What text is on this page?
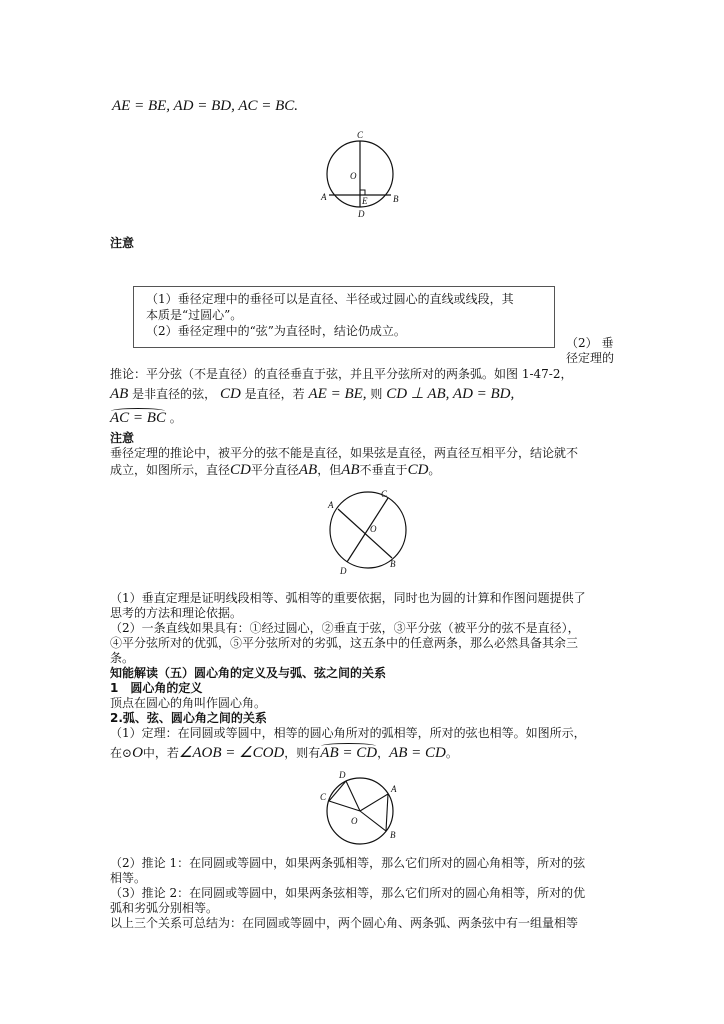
AE = BE, AD = BD, AC = BC.
C
O
A	E	B
D
注意
（1）垂径定理中的垂径可以是直径、半径或过圆心的直线或线段，其
本质是“过圆心”。
（2）垂径定理中的“弦”为直径时，结论仍成立。
（2） 垂
径定理的
推论：平分弦（不是直径）的直径垂直于弦，并且平分弦所对的两条弧。如图 1-47-2，
AB 是非直径的弦， CD 是直径，若 AE = BE, 则 CD ⊥ AB, AD = BD,
AC = BC 。
注意
垂径定理的推论中，被平分的弦不能是直径，如果弦是直径，两直径互相平分，结论就不
成立，如图所示，直径CD平分直径AB，但AB不垂直于CD。
A
C
O
B
D
（1）垂直定理是证明线段相等、弧相等的重要依据，同时也为圆的计算和作图问题提供了
思考的方法和理论依据。
（2）一条直线如果具有：①经过圆心，②垂直于弦，③平分弦（被平分的弦不是直径），
④平分弦所对的优弧，⑤平分弦所对的劣弧，这五条中的任意两条，那么必然具备其余三
条。
知能解读（五）圆心角的定义及与弧、弦之间的关系
1　圆心角的定义
顶点在圆心的角叫作圆心角。
2.弧、弦、圆心角之间的关系
（1）定理：在同圆或等圆中，相等的圆心角所对的弧相等，所对的弦也相等。如图所示，
在⊙O中，若∠AOB = ∠COD，则有AB = CD，AB = CD。
D
C
A
O
B
（2）推论 1：在同圆或等圆中，如果两条弧相等，那么它们所对的圆心角相等，所对的弦
相等。
（3）推论 2：在同圆或等圆中，如果两条弦相等，那么它们所对的圆心角相等，所对的优
弧和劣弧分别相等。
以上三个关系可总结为：在同圆或等圆中，两个圆心角、两条弧、两条弦中有一组量相等
